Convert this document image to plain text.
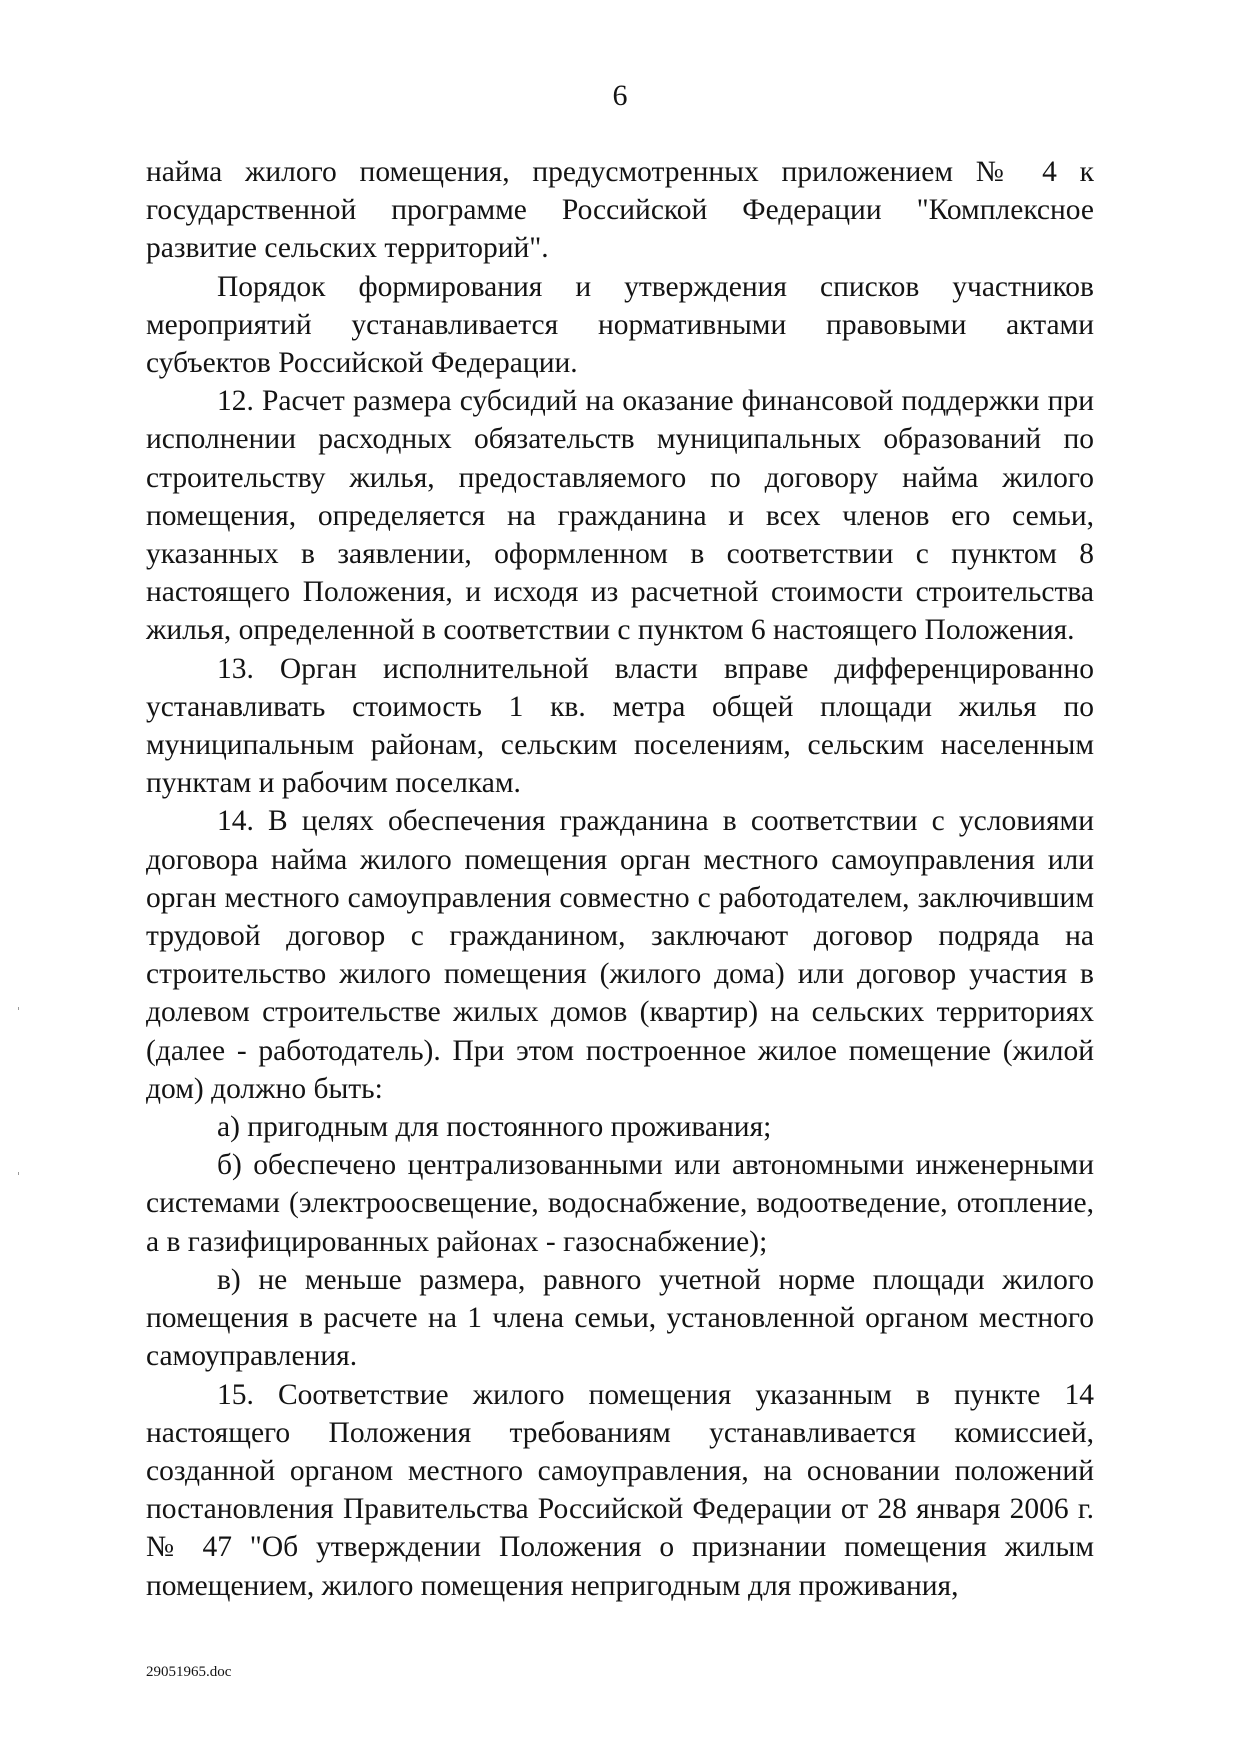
6

найма жилого помещения, предусмотренных приложением № 4 к государственной программе Российской Федерации "Комплексное развитие сельских территорий".

Порядок формирования и утверждения списков участников мероприятий устанавливается нормативными правовыми актами субъектов Российской Федерации.

12. Расчет размера субсидий на оказание финансовой поддержки при исполнении расходных обязательств муниципальных образований по строительству жилья, предоставляемого по договору найма жилого помещения, определяется на гражданина и всех членов его семьи, указанных в заявлении, оформленном в соответствии с пунктом 8 настоящего Положения, и исходя из расчетной стоимости строительства жилья, определенной в соответствии с пунктом 6 настоящего Положения.

13. Орган исполнительной власти вправе дифференцированно устанавливать стоимость 1 кв. метра общей площади жилья по муниципальным районам, сельским поселениям, сельским населенным пунктам и рабочим поселкам.

14. В целях обеспечения гражданина в соответствии с условиями договора найма жилого помещения орган местного самоуправления или орган местного самоуправления совместно с работодателем, заключившим трудовой договор с гражданином, заключают договор подряда на строительство жилого помещения (жилого дома) или договор участия в долевом строительстве жилых домов (квартир) на сельских территориях (далее - работодатель). При этом построенное жилое помещение (жилой дом) должно быть:

а) пригодным для постоянного проживания;

б) обеспечено централизованными или автономными инженерными системами (электроосвещение, водоснабжение, водоотведение, отопление, а в газифицированных районах - газоснабжение);

в) не меньше размера, равного учетной норме площади жилого помещения в расчете на 1 члена семьи, установленной органом местного самоуправления.

15. Соответствие жилого помещения указанным в пункте 14 настоящего Положения требованиям устанавливается комиссией, созданной органом местного самоуправления, на основании положений постановления Правительства Российской Федерации от 28 января 2006 г. № 47 "Об утверждении Положения о признании помещения жилым помещением, жилого помещения непригодным для проживания,

29051965.doc
